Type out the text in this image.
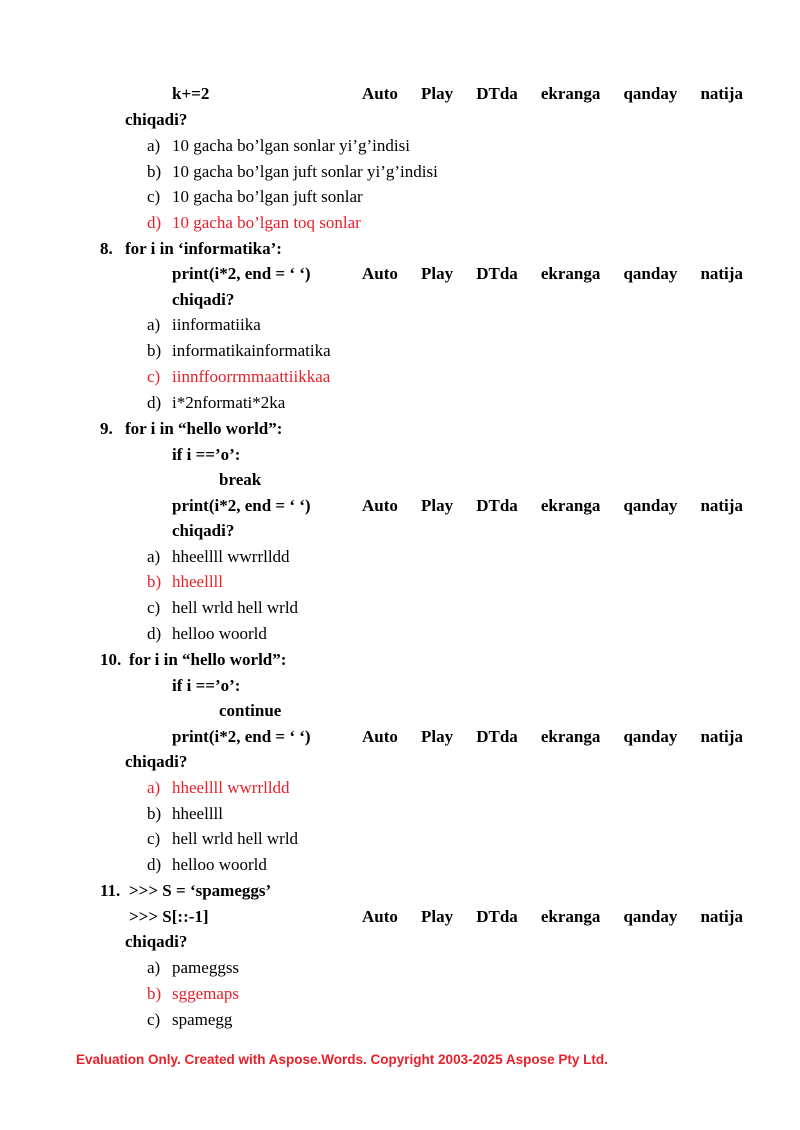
k+=2	Auto Play DTda ekranga qanday natija
chiqadi?
a) 10 gacha bo’lgan sonlar yi’g’indisi
b) 10 gacha bo’lgan juft sonlar yi’g’indisi
c) 10 gacha bo’lgan juft sonlar
d) 10 gacha bo’lgan toq sonlar
8. for i in ‘informatika’:
print(i*2, end = ‘ ‘)	Auto Play DTda ekranga qanday natija
chiqadi?
a) iinformatiika
b) informatikainformatika
c) iinnffoorrmmaattiikkaa
d) i*2nformati*2ka
9. for i in “hello world”:
if i ==’o’:
break
print(i*2, end = ‘ ‘)	Auto Play DTda ekranga qanday natija
chiqadi?
a) hheellll wwrrlldd
b) hheellll
c) hell wrld hell wrld
d) helloo woorld
10. for i in “hello world”:
if i ==’o’:
continue
print(i*2, end = ‘ ‘)	Auto Play DTda ekranga qanday natija
chiqadi?
a) hheellll wwrrlldd
b) hheellll
c) hell wrld hell wrld
d) helloo woorld
11. >>> S = ‘spameggs’
>>> S[::-1]	Auto Play DTda ekranga qanday natija
chiqadi?
a) pameggss
b) sggemaps
c) spamegg
Evaluation Only. Created with Aspose.Words. Copyright 2003-2025 Aspose Pty Ltd.
